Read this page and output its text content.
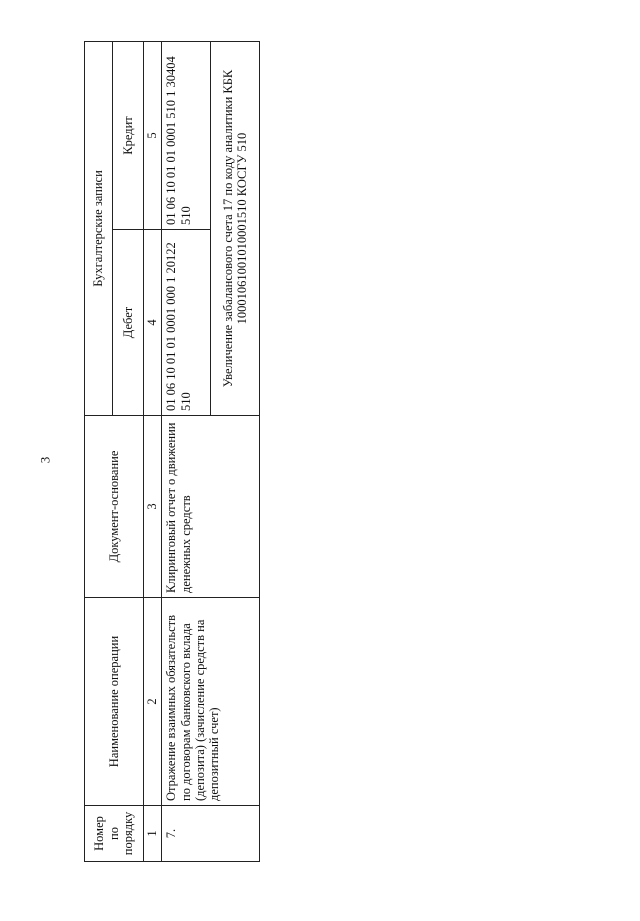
3
Номер по порядку	Наименование операции	Документ-основание	Бухгалтерские записи	
			Дебет	Кредит
1	2	3	4	5
7.	Отражение взаимных обязательств по договорам банковского вклада (депозита) (зачисление средств на депозитный счет)	Клиринговый отчет о движении денежных средств	01 06 10 01 01 0001 000 1 20122 510	01 06 10 01 01 0001 510 1 30404 510
			Увеличение забалансового счета 17 по коду аналитики КБК 10001061001010001510 КОСГУ 510	
